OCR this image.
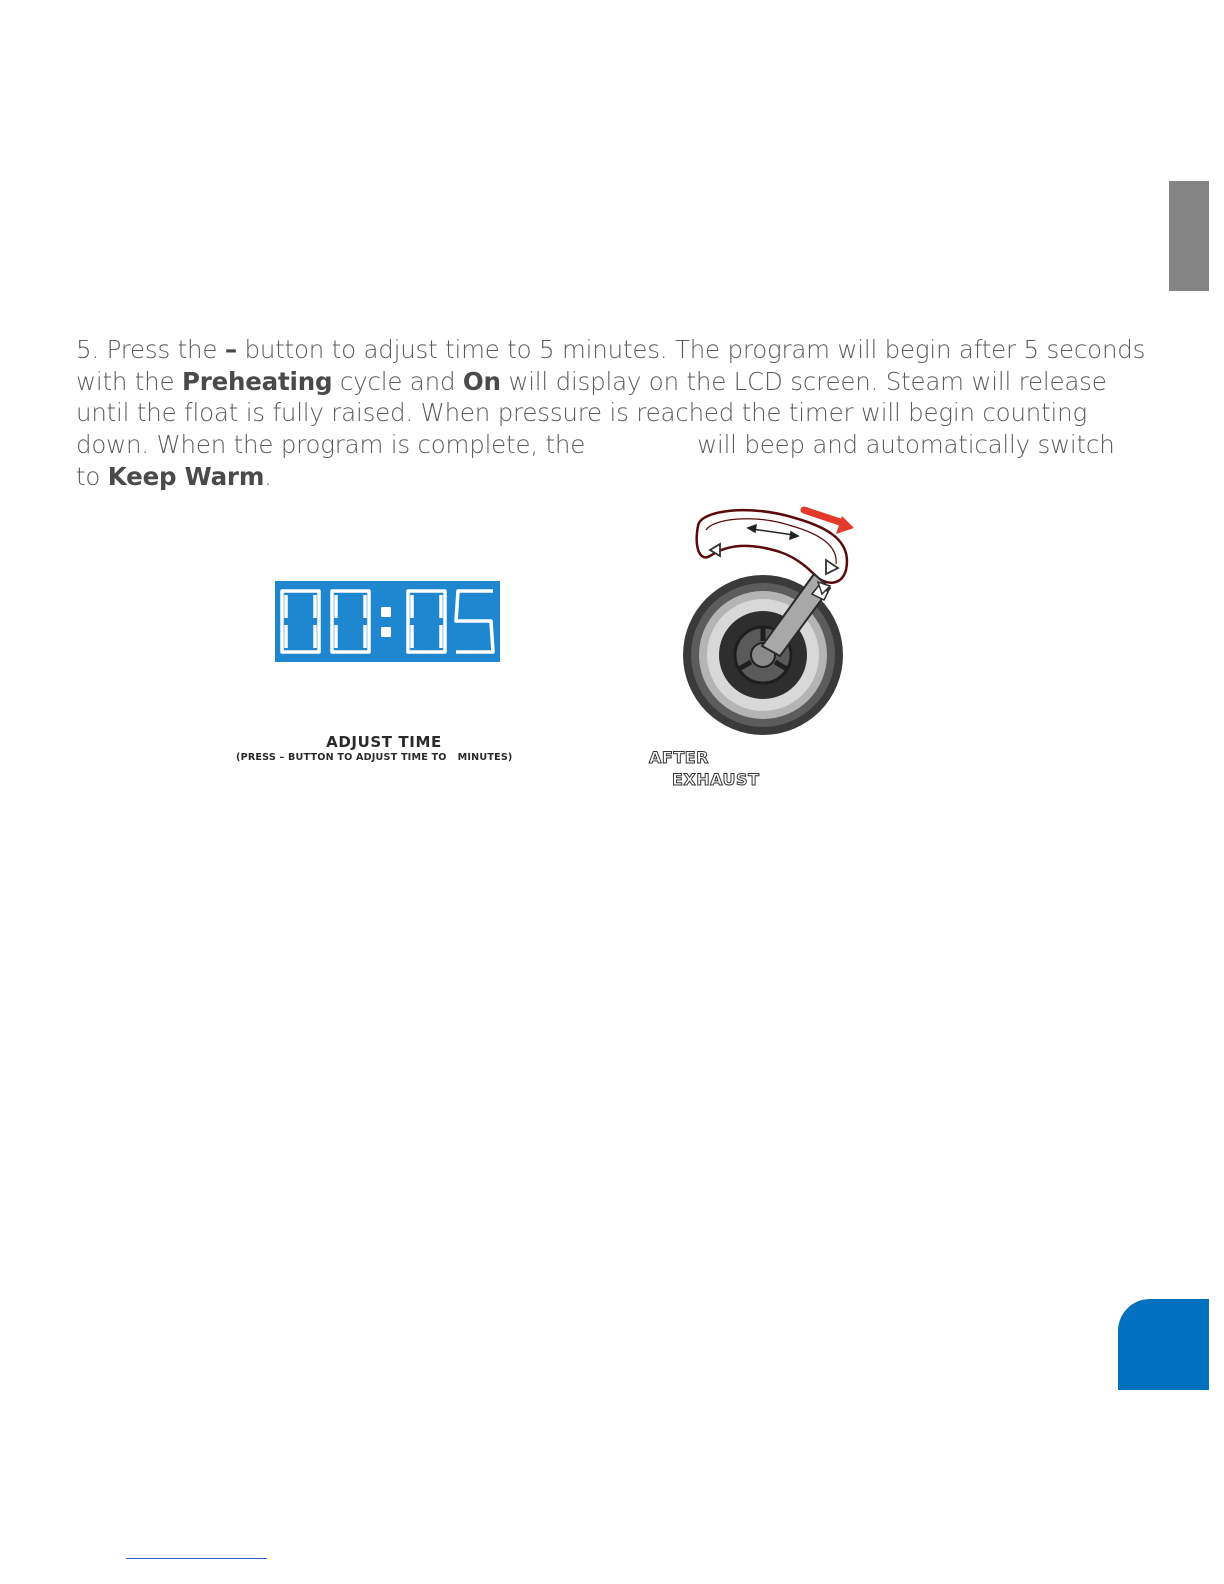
5. Press the – button to adjust time to 5 minutes. The program will begin after 5 seconds with the Preheating cycle and On will display on the LCD screen. Steam will release until the float is fully raised. When pressure is reached the timer will begin counting down. When the program is complete, the	will beep and automatically switch to Keep Warm.

ADJUST TIME
(PRESS – BUTTON TO ADJUST TIME TO MINUTES)	AFTER
EXHAUST
